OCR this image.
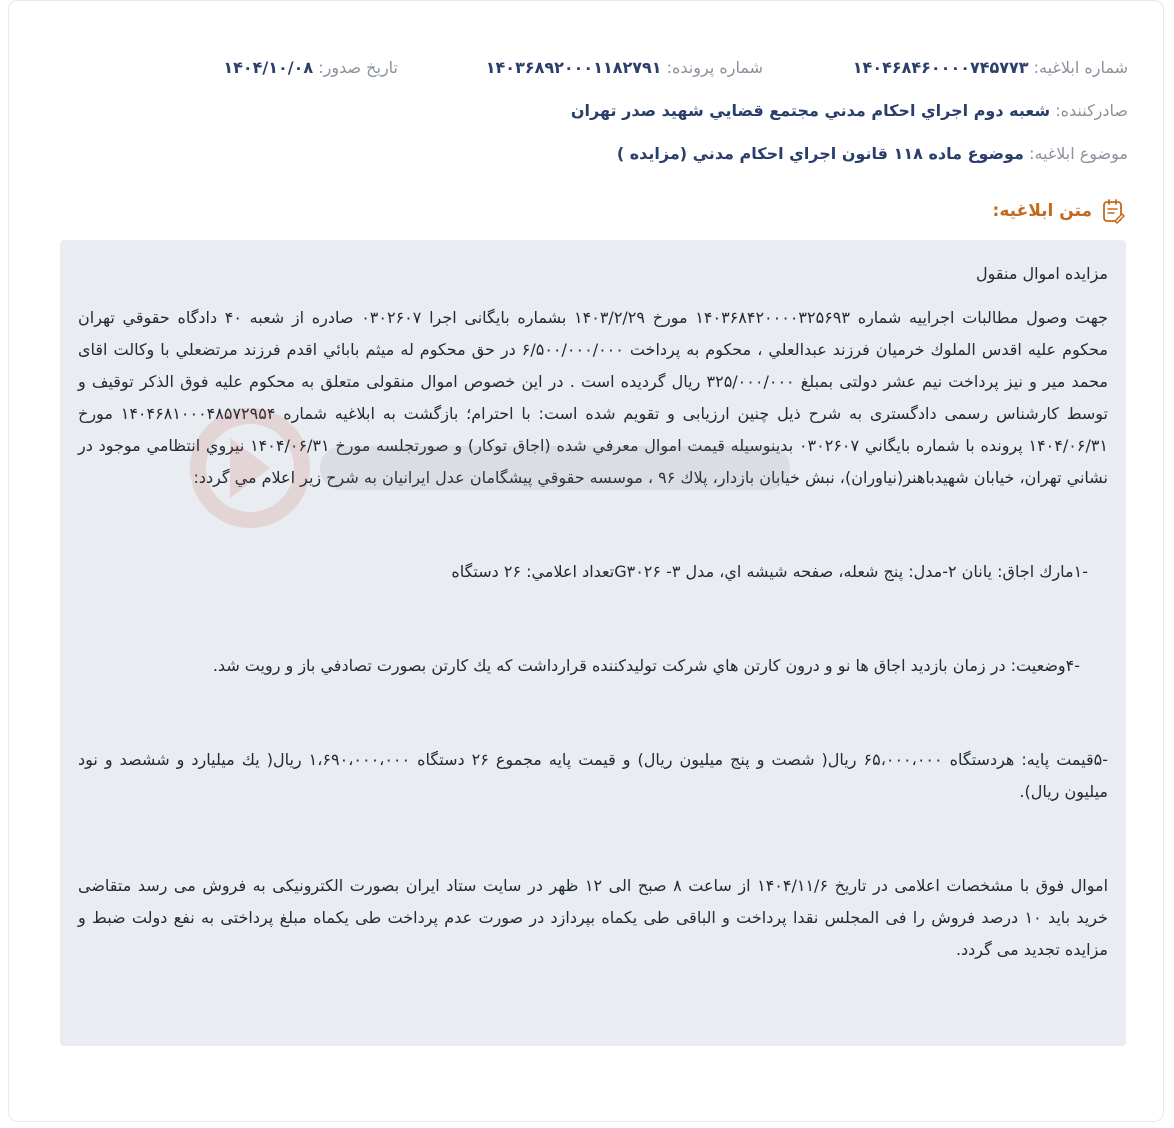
شماره ابلاغیه: ۱۴۰۴۶۸۴۶۰۰۰۰۷۴۵۷۷۳
شماره پرونده: ۱۴۰۳۶۸۹۲۰۰۰۱۱۸۲۷۹۱
تاریخ صدور: ۱۴۰۴/۱۰/۰۸
صادرکننده: شعبه دوم اجراي احكام مدني مجتمع قضايي شهيد صدر تهران
موضوع ابلاغیه: موضوع ماده ۱۱۸ قانون اجراي احكام مدني (مزایده )
متن ابلاغیه:

مزایده اموال منقول

جهت وصول مطالبات اجراییه شماره ۱۴۰۳۶۸۴۲۰۰۰۰۳۲۵۶۹۳ مورخ ۱۴۰۳/۲/۲۹ بشماره بایگانی اجرا ۰۳۰۲۶۰۷ صادره از شعبه ۴۰ دادگاه حقوقي تهران محکوم علیه اقدس الملوك خرميان فرزند عبدالعلي ، محکوم به پرداخت ۶/۵۰۰/۰۰۰/۰۰۰ در حق محكوم له ميثم بابائي اقدم فرزند مرتضعلي با وکالت اقای محمد میر و نیز پرداخت نیم عشر دولتی بمبلغ ۳۲۵/۰۰۰/۰۰۰ ریال گردیده است . در این خصوص اموال منقولی متعلق به محکوم علیه فوق الذکر توقیف و توسط کارشناس رسمی دادگستری به شرح ذیل چنین ارزیابی و تقویم شده است: با احترام؛ بازگشت به ابلاغيه شماره ۱۴۰۴۶۸۱۰۰۰۴۸۵۷۲۹۵۴ مورخ ۱۴۰۴/۰۶/۳۱ پرونده با شماره بايگاني ۰۳۰۲۶۰۷ بدينوسيله قيمت اموال معرفي شده (اجاق توكار) و صورتجلسه مورخ ۱۴۰۴/۰۶/۳۱ نيروي انتظامي موجود در نشاني تهران، خيابان شهيدباهنر(نياوران)، نبش خيابان بازدار، پلاك ۹۶ ، موسسه حقوقي پيشگامان عدل ايرانيان به شرح زير اعلام مي گردد:

-۱مارك اجاق: يانان ۲-مدل: پنج شعله، صفحه شيشه اي، مدل ۳- G۳۰۲۶تعداد اعلامي: ۲۶ دستگاه

-۴وضعيت: در زمان بازديد اجاق ها نو و درون كارتن هاي شركت توليدكننده قرارداشت كه يك كارتن بصورت تصادفي باز و رويت شد.

-۵قيمت پايه: هردستگاه ۶۵،۰۰۰،۰۰۰ ريال( شصت و پنج ميليون ريال) و قيمت پايه مجموع ۲۶ دستگاه ۱،۶۹۰،۰۰۰،۰۰۰ ريال( يك ميليارد و ششصد و نود ميليون ريال).

اموال فوق با مشخصات اعلامی در تاریخ ۱۴۰۴/۱۱/۶ از ساعت ۸ صبح الی ۱۲ ظهر در سایت ستاد ایران بصورت الکترونیکی به فروش می رسد متقاضی خرید باید ۱۰ درصد فروش را فی المجلس نقدا پرداخت و الباقی طی یکماه بپردازد در صورت عدم پرداخت طی یکماه مبلغ پرداختی به نفع دولت ضبط و مزایده تجدید می گردد.
